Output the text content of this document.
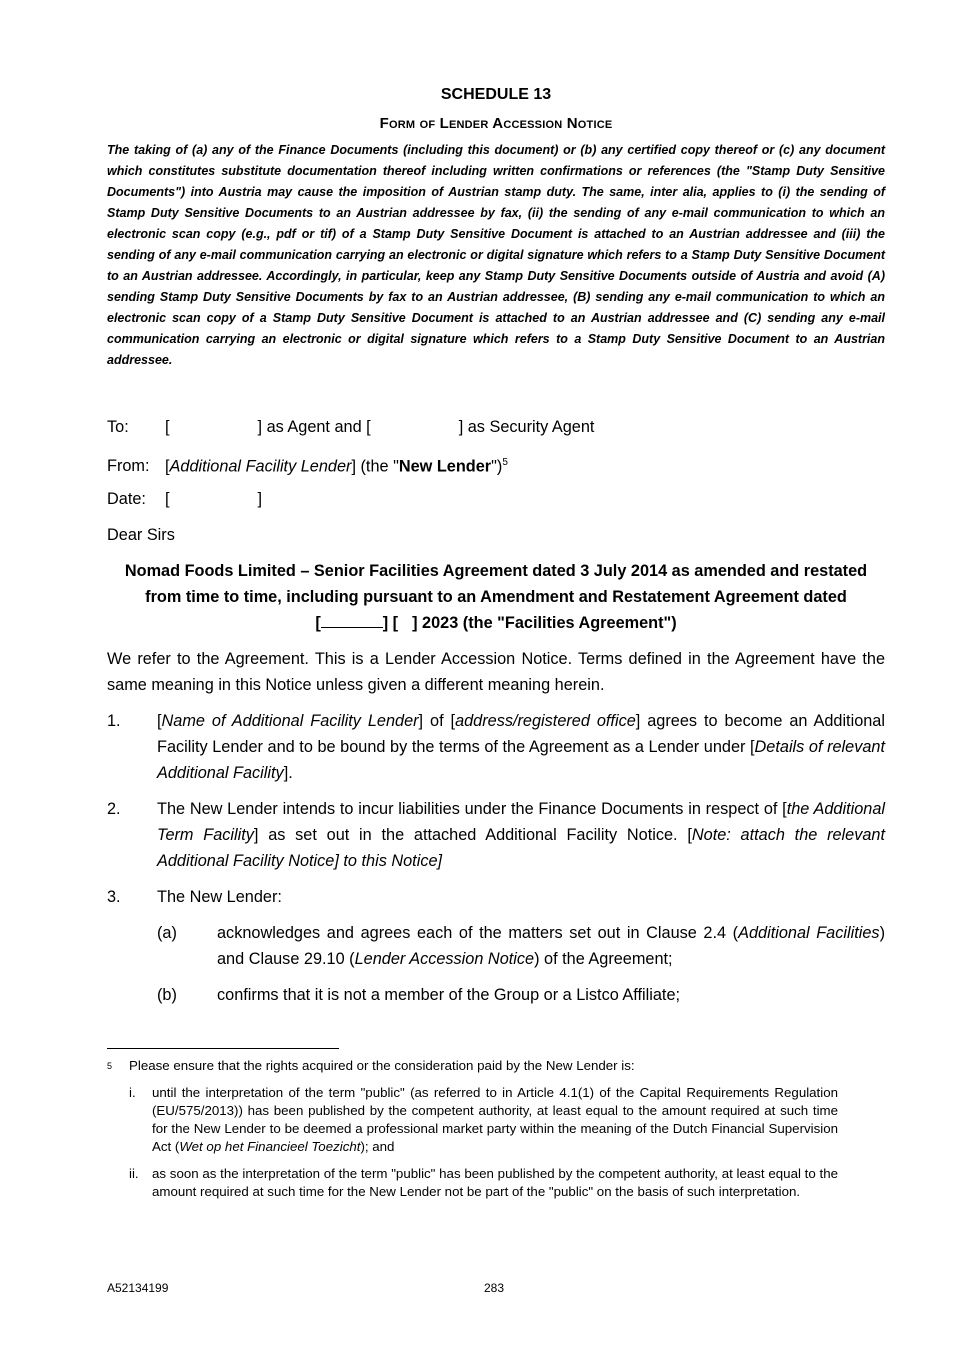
SCHEDULE 13
Form of Lender Accession Notice
The taking of (a) any of the Finance Documents (including this document) or (b) any certified copy thereof or (c) any document which constitutes substitute documentation thereof including written confirmations or references (the "Stamp Duty Sensitive Documents") into Austria may cause the imposition of Austrian stamp duty. The same, inter alia, applies to (i) the sending of Stamp Duty Sensitive Documents to an Austrian addressee by fax, (ii) the sending of any e-mail communication to which an electronic scan copy (e.g., pdf or tif) of a Stamp Duty Sensitive Document is attached to an Austrian addressee and (iii) the sending of any e-mail communication carrying an electronic or digital signature which refers to a Stamp Duty Sensitive Document to an Austrian addressee. Accordingly, in particular, keep any Stamp Duty Sensitive Documents outside of Austria and avoid (A) sending Stamp Duty Sensitive Documents by fax to an Austrian addressee, (B) sending any e-mail communication to which an electronic scan copy of a Stamp Duty Sensitive Document is attached to an Austrian addressee and (C) sending any e-mail communication carrying an electronic or digital signature which refers to a Stamp Duty Sensitive Document to an Austrian addressee.
To: [	] as Agent and [	] as Security Agent
From: [Additional Facility Lender] (the "New Lender")$^5$
Date: [	]
Dear Sirs
Nomad Foods Limited – Senior Facilities Agreement dated 3 July 2014 as amended and restated
from time to time, including pursuant to an Amendment and Restatement Agreement dated
[	] [ ] 2023 (the "Facilities Agreement")
We refer to the Agreement. This is a Lender Accession Notice. Terms defined in the Agreement have the same meaning in this Notice unless given a different meaning herein.
1. [Name of Additional Facility Lender] of [address/registered office] agrees to become an Additional Facility Lender and to be bound by the terms of the Agreement as a Lender under [Details of relevant Additional Facility].
2. The New Lender intends to incur liabilities under the Finance Documents in respect of [the Additional Term Facility] as set out in the attached Additional Facility Notice. [Note: attach the relevant Additional Facility Notice] to this Notice]
3. The New Lender:
(a) acknowledges and agrees each of the matters set out in Clause 2.4 (Additional Facilities) and Clause 29.10 (Lender Accession Notice) of the Agreement;
(b) confirms that it is not a member of the Group or a Listco Affiliate;
$^5$ Please ensure that the rights acquired or the consideration paid by the New Lender is:
i. until the interpretation of the term "public" (as referred to in Article 4.1(1) of the Capital Requirements Regulation (EU/575/2013)) has been published by the competent authority, at least equal to the amount required at such time for the New Lender to be deemed a professional market party within the meaning of the Dutch Financial Supervision Act (Wet op het Financieel Toezicht); and
ii. as soon as the interpretation of the term "public" has been published by the competent authority, at least equal to the amount required at such time for the New Lender not be part of the "public" on the basis of such interpretation.
A52134199	283
